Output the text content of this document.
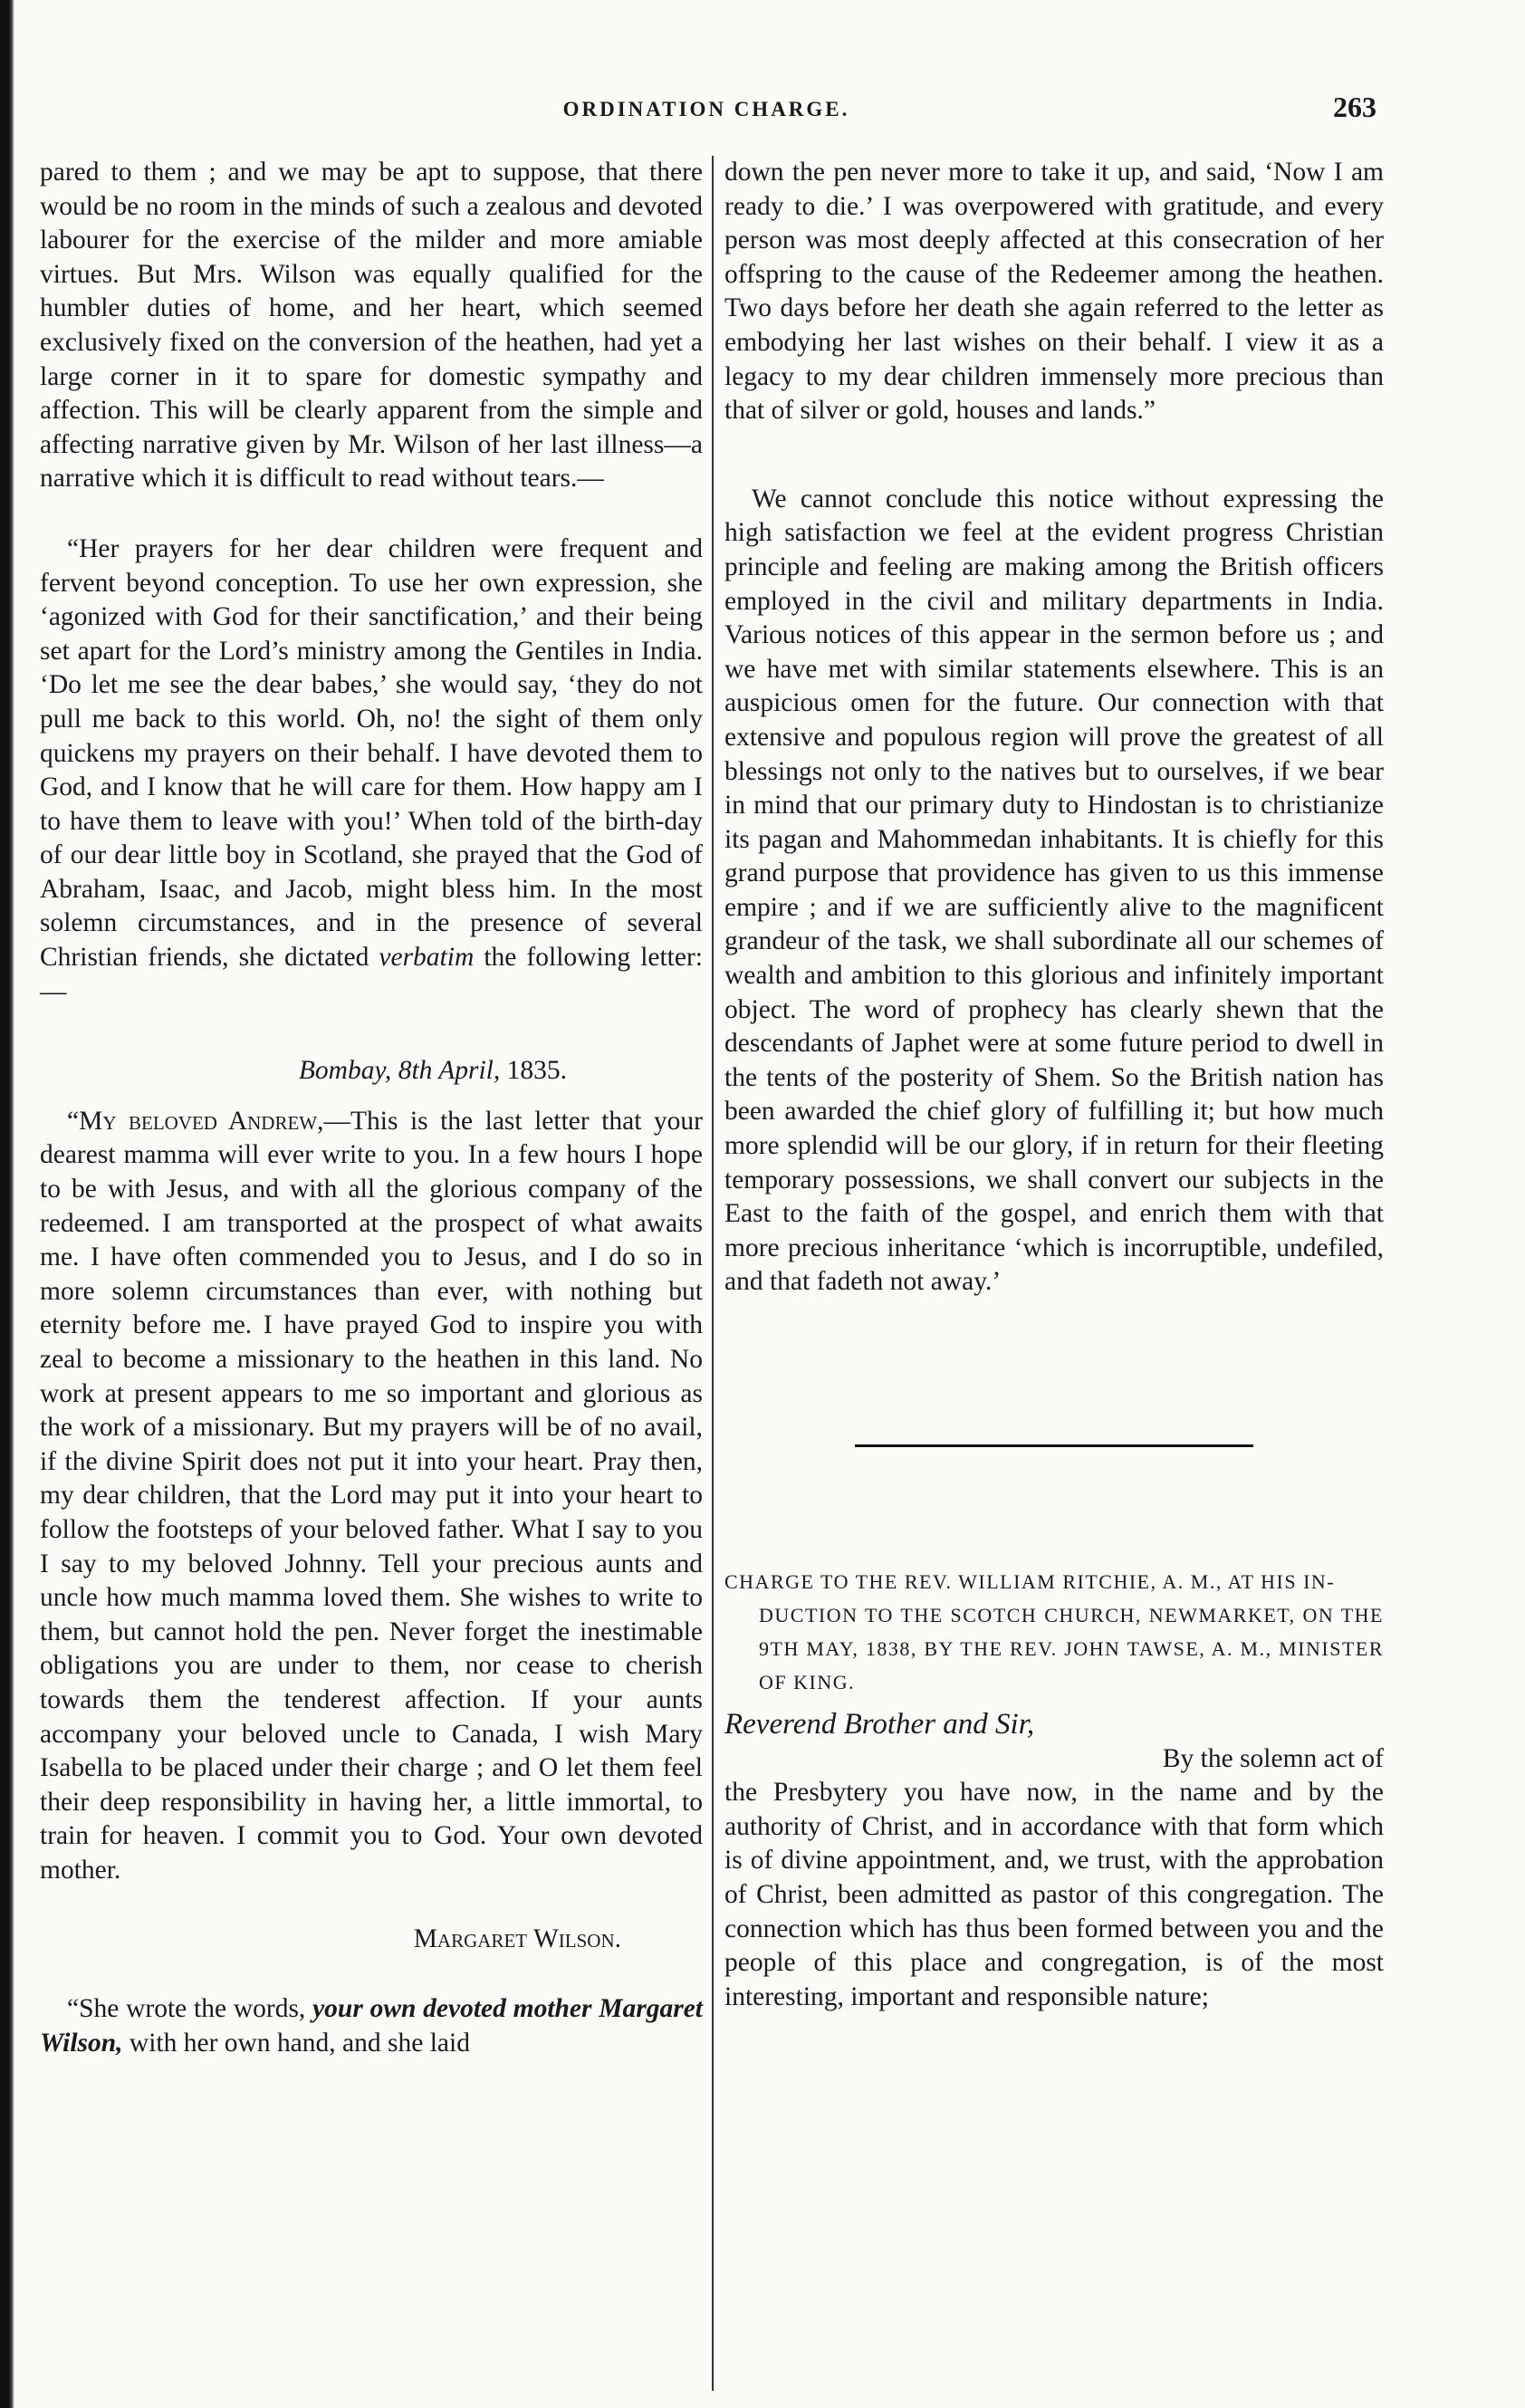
ORDINATION CHARGE.	263

pared to them ; and we may be apt to suppose, that there would be no room in the minds of such a zealous and devoted labourer for the exercise of the milder and more amiable virtues. But Mrs. Wilson was equally qualified for the humbler duties of home, and her heart, which seemed exclusively fixed on the conversion of the heathen, had yet a large corner in it to spare for domestic sympathy and affection. This will be clearly apparent from the simple and affecting narrative given by Mr. Wilson of her last illness—a narrative which it is difficult to read without tears.—

“Her prayers for her dear children were frequent and fervent beyond conception. To use her own expression, she ‘agonized with God for their sanctification,’ and their being set apart for the Lord’s ministry among the Gentiles in India. ‘Do let me see the dear babes,’ she would say, ‘they do not pull me back to this world. Oh, no! the sight of them only quickens my prayers on their behalf. I have devoted them to God, and I know that he will care for them. How happy am I to have them to leave with you!’ When told of the birth-day of our dear little boy in Scotland, she prayed that the God of Abraham, Isaac, and Jacob, might bless him. In the most solemn circumstances, and in the presence of several Christian friends, she dictated verbatim the following letter:—

Bombay, 8th April, 1835.

“My beloved Andrew,—This is the last letter that your dearest mamma will ever write to you. In a few hours I hope to be with Jesus, and with all the glorious company of the redeemed. I am transported at the prospect of what awaits me. I have often commended you to Jesus, and I do so in more solemn circumstances than ever, with nothing but eternity before me. I have prayed God to inspire you with zeal to become a missionary to the heathen in this land. No work at present appears to me so important and glorious as the work of a missionary. But my prayers will be of no avail, if the divine Spirit does not put it into your heart. Pray then, my dear children, that the Lord may put it into your heart to follow the footsteps of your beloved father. What I say to you I say to my beloved Johnny. Tell your precious aunts and uncle how much mamma loved them. She wishes to write to them, but cannot hold the pen. Never forget the inestimable obligations you are under to them, nor cease to cherish towards them the tenderest affection. If your aunts accompany your beloved uncle to Canada, I wish Mary Isabella to be placed under their charge ; and O let them feel their deep responsibility in having her, a little immortal, to train for heaven. I commit you to God. Your own devoted mother.

Margaret Wilson.

“She wrote the words, your own devoted mother Margaret Wilson, with her own hand, and she laid

down the pen never more to take it up, and said, ‘Now I am ready to die.’ I was overpowered with gratitude, and every person was most deeply affected at this consecration of her offspring to the cause of the Redeemer among the heathen. Two days before her death she again referred to the letter as embodying her last wishes on their behalf. I view it as a legacy to my dear children immensely more precious than that of silver or gold, houses and lands.”

We cannot conclude this notice without expressing the high satisfaction we feel at the evident progress Christian principle and feeling are making among the British officers employed in the civil and military departments in India. Various notices of this appear in the sermon before us ; and we have met with similar statements elsewhere. This is an auspicious omen for the future. Our connection with that extensive and populous region will prove the greatest of all blessings not only to the natives but to ourselves, if we bear in mind that our primary duty to Hindostan is to christianize its pagan and Mahommedan inhabitants. It is chiefly for this grand purpose that providence has given to us this immense empire ; and if we are sufficiently alive to the magnificent grandeur of the task, we shall subordinate all our schemes of wealth and ambition to this glorious and infinitely important object. The word of prophecy has clearly shewn that the descendants of Japhet were at some future period to dwell in the tents of the posterity of Shem. So the British nation has been awarded the chief glory of fulfilling it; but how much more splendid will be our glory, if in return for their fleeting temporary possessions, we shall convert our subjects in the East to the faith of the gospel, and enrich them with that more precious inheritance ‘which is incorruptible, undefiled, and that fadeth not away.’

CHARGE TO THE REV. WILLIAM RITCHIE, A. M., AT HIS IN-
DUCTION TO THE SCOTCH CHURCH, NEWMARKET, ON THE 9TH MAY, 1838, BY THE REV. JOHN TAWSE, A. M., MINISTER OF KING.

Reverend Brother and Sir,

By the solemn act of

the Presbytery you have now, in the name and by the authority of Christ, and in accordance with that form which is of divine appointment, and, we trust, with the approbation of Christ, been admitted as pastor of this congregation. The connection which has thus been formed between you and the people of this place and congregation, is of the most interesting, important and responsible nature;
